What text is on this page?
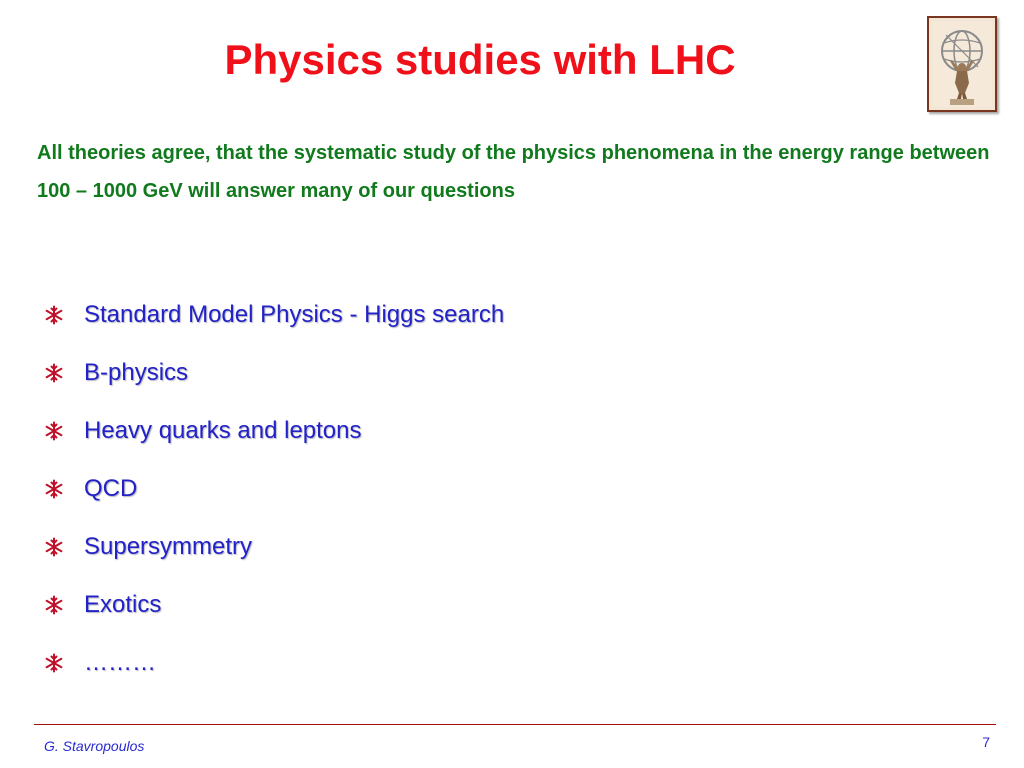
Physics studies with LHC
All theories agree, that the systematic study of the physics phenomena in the energy range between 100 – 1000 GeV will answer many of our questions
Standard Model Physics - Higgs search
B-physics
Heavy quarks and leptons
QCD
Supersymmetry
Exotics
………
G. Stavropoulos	7
